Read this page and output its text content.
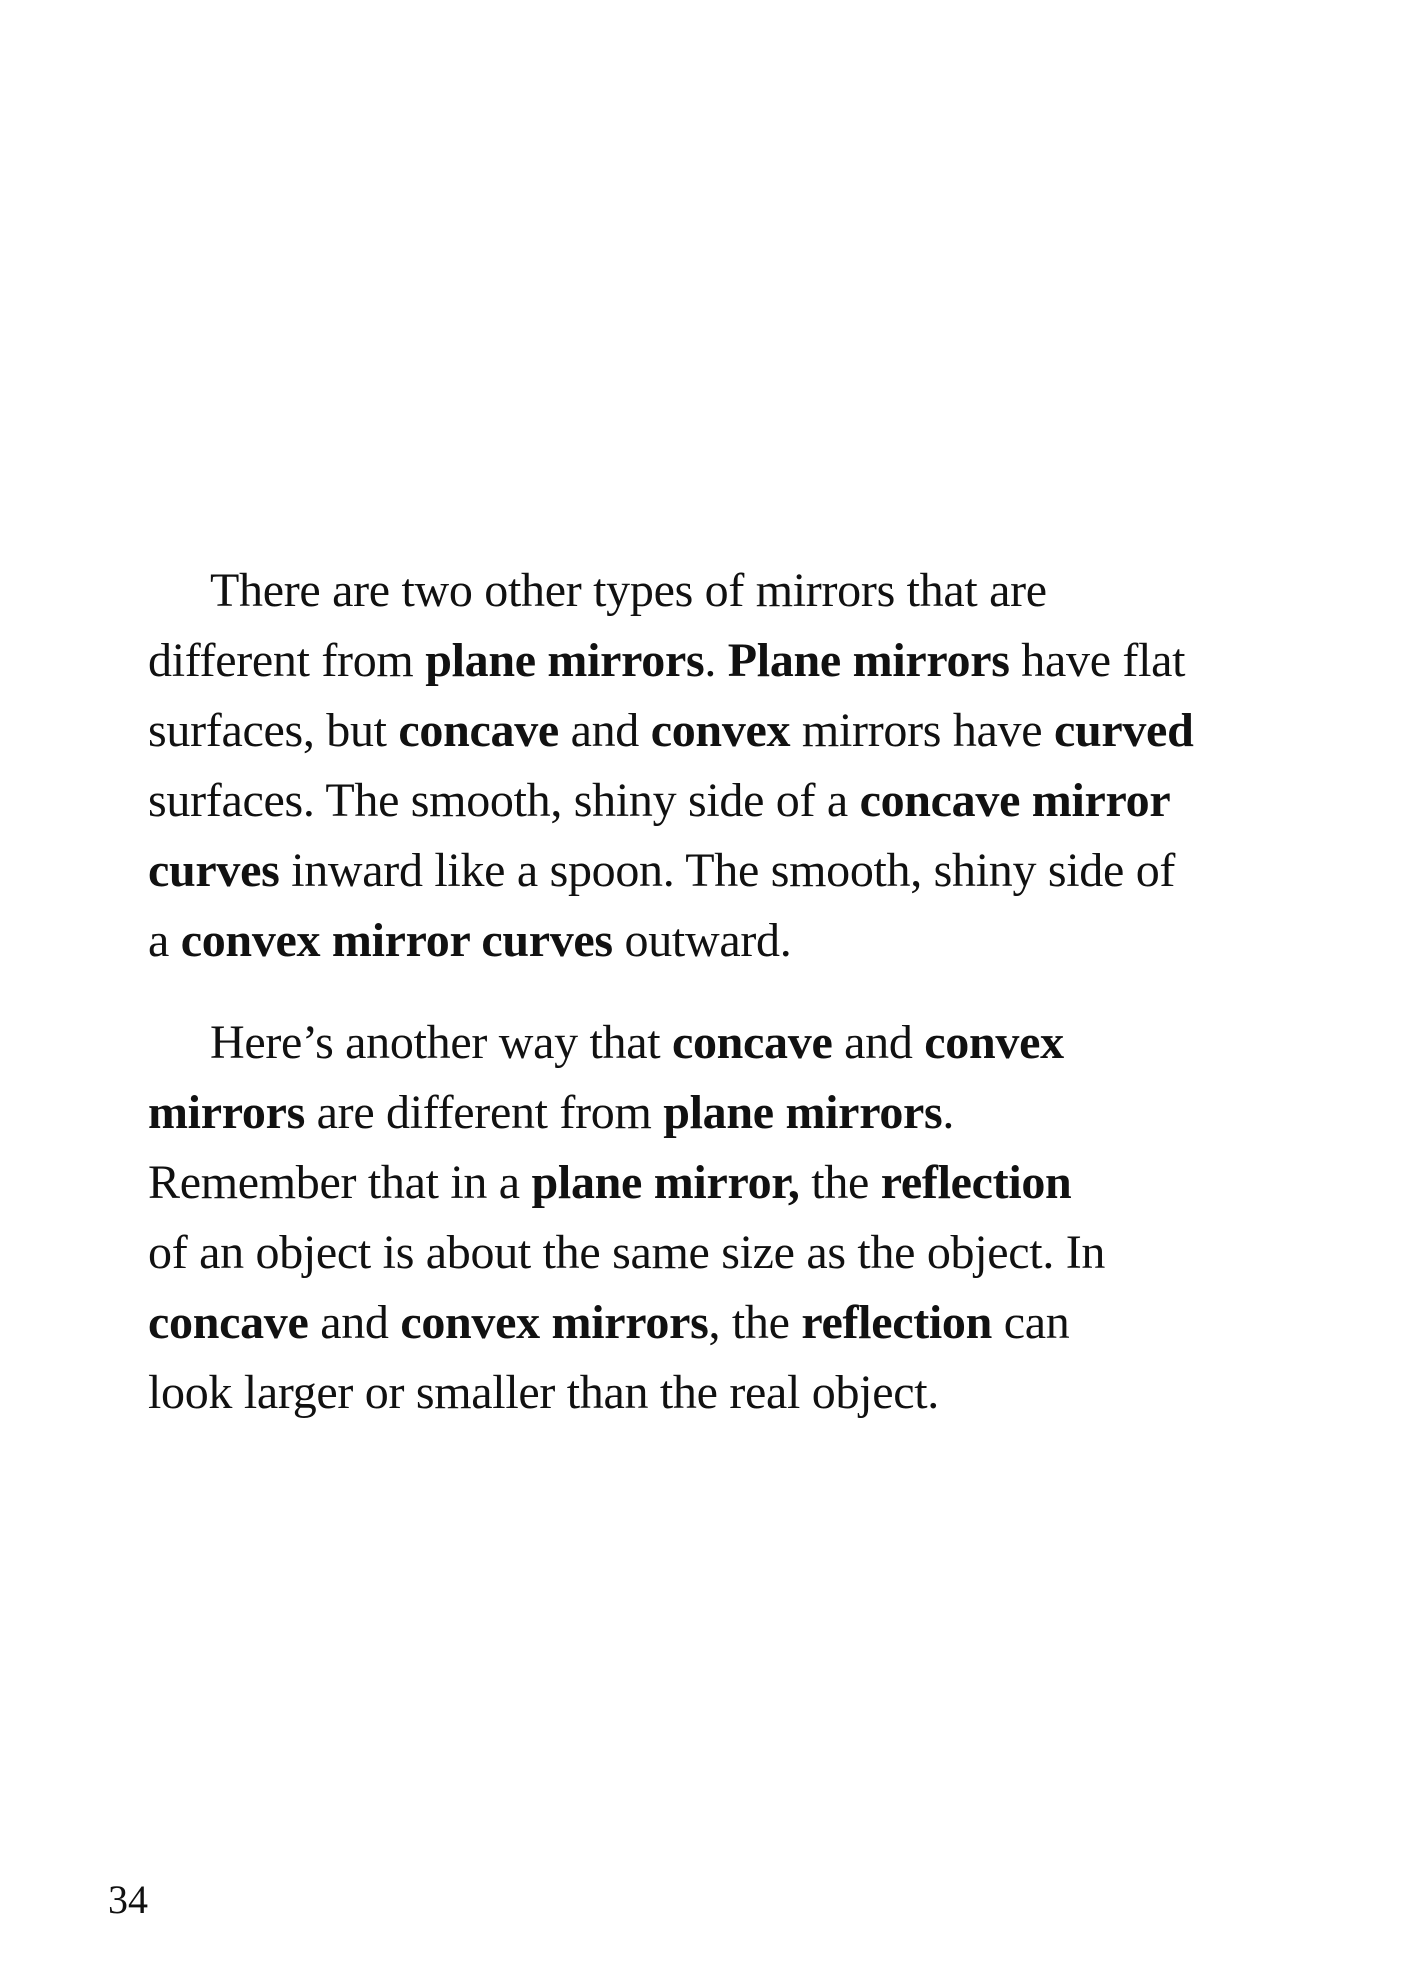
There are two other types of mirrors that are
different from plane mirrors. Plane mirrors have flat
surfaces, but concave and convex mirrors have curved
surfaces. The smooth, shiny side of a concave mirror
curves inward like a spoon. The smooth, shiny side of
a convex mirror curves outward.

Here’s another way that concave and convex
mirrors are different from plane mirrors.
Remember that in a plane mirror, the reflection
of an object is about the same size as the object. In
concave and convex mirrors, the reflection can
look larger or smaller than the real object.

34
